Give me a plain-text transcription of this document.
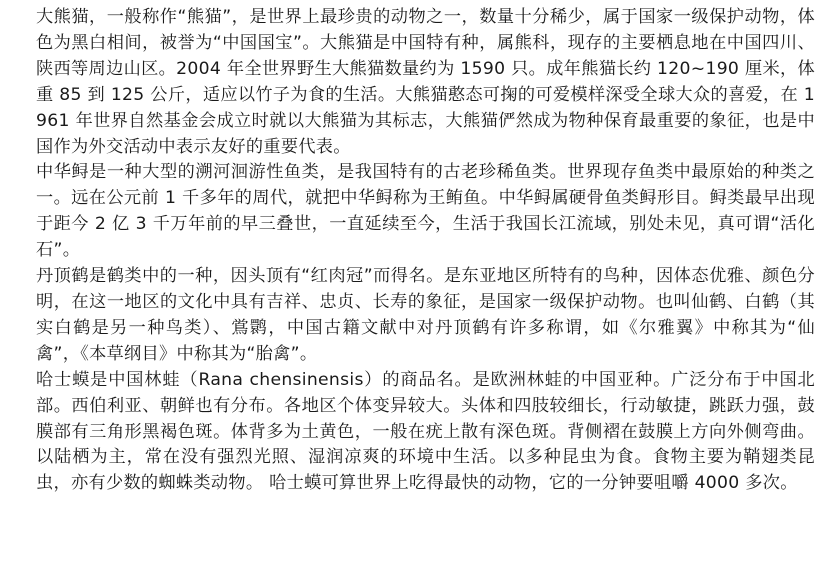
大熊猫，一般称作“熊猫”，是世界上最珍贵的动物之一，数量十分稀少，属于国家一级保护动物，体色为黑白相间，被誉为“中国国宝”。大熊猫是中国特有种，属熊科，现存的主要栖息地在中国四川、陕西等周边山区。2004 年全世界野生大熊猫数量约为 1590 只。成年熊猫长约 120~190 厘米，体重 85 到 125 公斤，适应以竹子为食的生活。大熊猫憨态可掬的可爱模样深受全球大众的喜爱，在 1961 年世界自然基金会成立时就以大熊猫为其标志，大熊猫俨然成为物种保育最重要的象征，也是中国作为外交活动中表示友好的重要代表。

中华鲟是一种大型的溯河洄游性鱼类，是我国特有的古老珍稀鱼类。世界现存鱼类中最原始的种类之一。远在公元前 1 千多年的周代，就把中华鲟称为王鲔鱼。中华鲟属硬骨鱼类鲟形目。鲟类最早出现于距今 2 亿 3 千万年前的早三叠世，一直延续至今，生活于我国长江流域，别处未见，真可谓“活化石”。

丹顶鹤是鹤类中的一种，因头顶有“红肉冠”而得名。是东亚地区所特有的鸟种，因体态优雅、颜色分明，在这一地区的文化中具有吉祥、忠贞、长寿的象征，是国家一级保护动物。也叫仙鹤、白鹤（其实白鹤是另一种鸟类）、鴬鹮，中国古籍文献中对丹顶鹤有许多称谓，如《尔雅翼》中称其为“仙禽”，《本草纲目》中称其为“胎禽”。

哈士蟆是中国林蛙（Rana chensinensis）的商品名。是欧洲林蛙的中国亚种。广泛分布于中国北部。西伯利亚、朝鲜也有分布。各地区个体变异较大。头体和四肢较细长，行动敏捷，跳跃力强，鼓膜部有三角形黑褐色斑。体背多为土黄色，一般在疣上散有深色斑。背侧褶在鼓膜上方向外侧弯曲。以陆栖为主，常在没有强烈光照、湿润凉爽的环境中生活。以多种昆虫为食。食物主要为鞘翅类昆虫，亦有少数的蜘蛛类动物。 哈士蟆可算世界上吃得最快的动物，它的一分钟要咀嚼 4000 多次。
